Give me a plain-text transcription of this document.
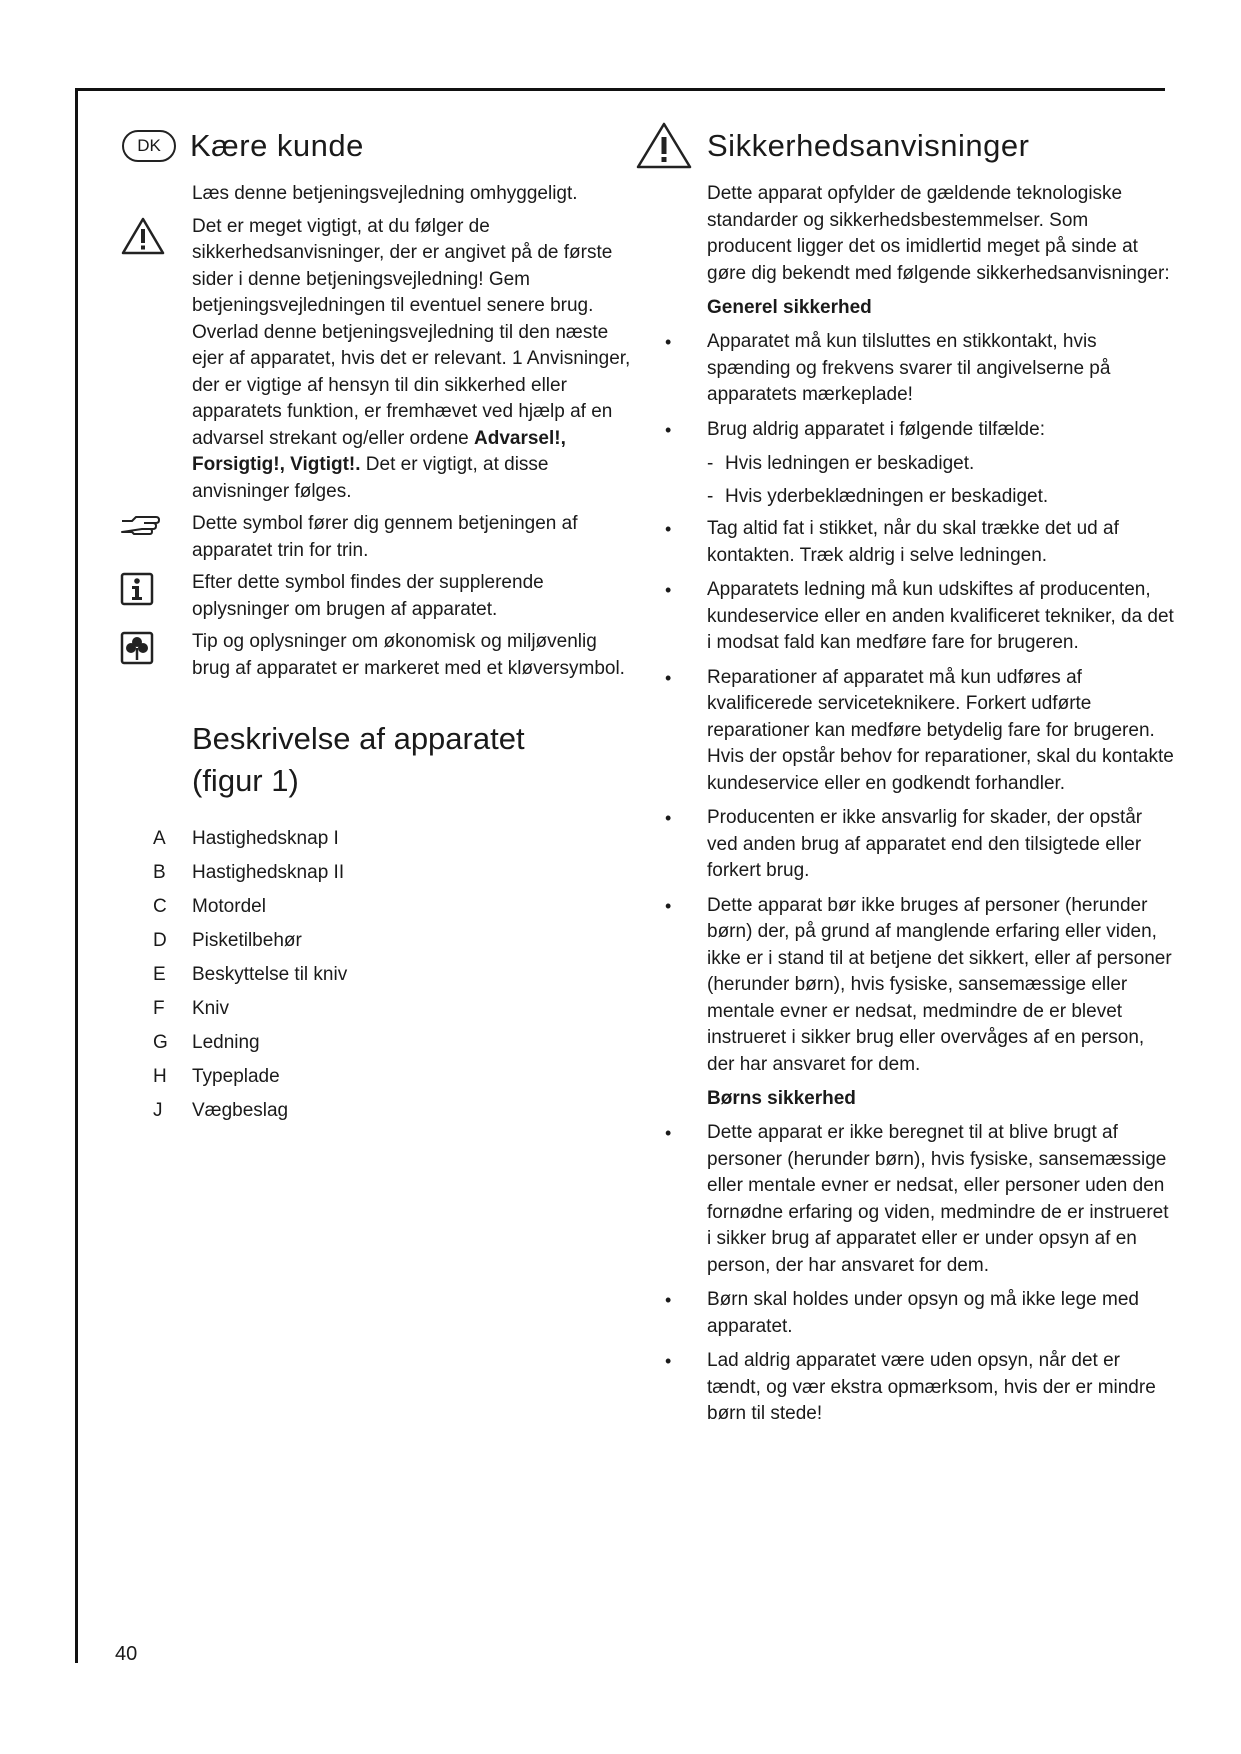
DK Kære kunde

Læs denne betjeningsvejledning omhyggeligt.

Det er meget vigtigt, at du følger de sikkerhedsanvisninger, der er angivet på de første sider i denne betjeningsvejledning! Gem betjeningsvejledningen til eventuel senere brug. Overlad denne betjeningsvejledning til den næste ejer af apparatet, hvis det er relevant. 1 Anvisninger, der er vigtige af hensyn til din sikkerhed eller apparatets funktion, er fremhævet ved hjælp af en advarsel strekant og/eller ordene Advarsel!, Forsigtig!, Vigtigt!. Det er vigtigt, at disse anvisninger følges.
Dette symbol fører dig gennem betjeningen af apparatet trin for trin.
Efter dette symbol findes der supplerende oplysninger om brugen af apparatet.
Tip og oplysninger om økonomisk og miljøvenlig brug af apparatet er markeret med et kløversymbol.
Beskrivelse af apparatet
(figur 1)
A	Hastighedsknap I
B	Hastighedsknap II
C	Motordel
D	Pisketilbehør
E	Beskyttelse til kniv
F	Kniv
G	Ledning
H	Typeplade
J	Vægbeslag
Sikkerhedsanvisninger

Dette apparat opfylder de gældende teknologiske standarder og sikkerhedsbestemmelser. Som producent ligger det os imidlertid meget på sinde at gøre dig bekendt med følgende sikkerhedsanvisninger:

Generel sikkerhed
•	Apparatet må kun tilsluttes en stikkontakt, hvis spænding og frekvens svarer til angivelserne på apparatets mærkeplade!
•	Brug aldrig apparatet i følgende tilfælde:
- Hvis ledningen er beskadiget.
- Hvis yderbeklædningen er beskadiget.
•	Tag altid fat i stikket, når du skal trække det ud af kontakten. Træk aldrig i selve ledningen.
•	Apparatets ledning må kun udskiftes af producenten, kundeservice eller en anden kvalificeret tekniker, da det i modsat fald kan medføre fare for brugeren.
•	Reparationer af apparatet må kun udføres af kvalificerede serviceteknikere. Forkert udførte reparationer kan medføre betydelig fare for brugeren. Hvis der opstår behov for reparationer, skal du kontakte kundeservice eller en godkendt forhandler.
•	Producenten er ikke ansvarlig for skader, der opstår ved anden brug af apparatet end den tilsigtede eller forkert brug.
•	Dette apparat bør ikke bruges af personer (herunder børn) der, på grund af manglende erfaring eller viden, ikke er i stand til at betjene det sikkert, eller af personer (herunder børn), hvis fysiske, sansemæssige eller mentale evner er nedsat, medmindre de er blevet instrueret i sikker brug eller overvåges af en person, der har ansvaret for dem.
Børns sikkerhed
•	Dette apparat er ikke beregnet til at blive brugt af personer (herunder børn), hvis fysiske, sansemæssige eller mentale evner er nedsat, eller personer uden den fornødne erfaring og viden, medmindre de er instrueret i sikker brug af apparatet eller er under opsyn af en person, der har ansvaret for dem.
•	Børn skal holdes under opsyn og må ikke lege med apparatet.
•	Lad aldrig apparatet være uden opsyn, når det er tændt, og vær ekstra opmærksom, hvis der er mindre børn til stede!
40
